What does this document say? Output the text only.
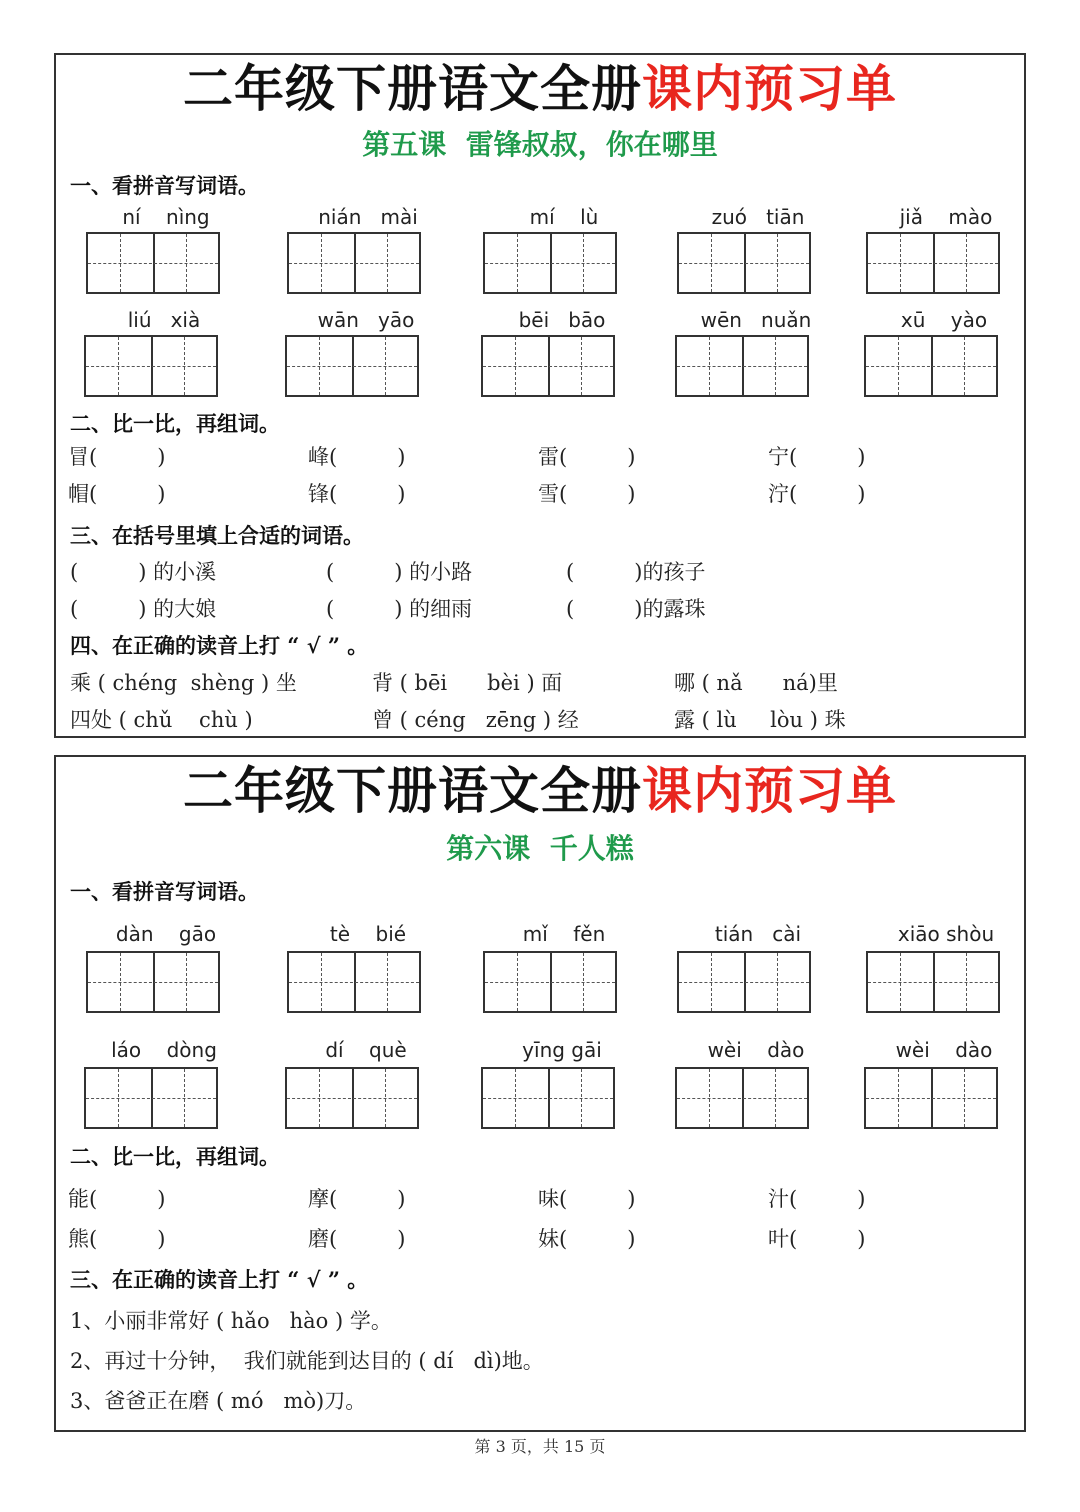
二年级下册语文全册课内预习单
第五课  雷锋叔叔，你在哪里
一、看拼音写词语。
ní    nìng	nián   mài	mí    lù	zuó   tiān	jiǎ    mào
liú   xià	wān   yāo	bēi   bāo	wēn   nuǎn	xū    yào
二、比一比，再组词。
冒(         )	峰(         )	雷(         )	宁(         )
帽(         )	锋(         )	雪(         )	泞(         )
三、在括号里填上合适的词语。
(         ) 的小溪	(         ) 的小路	(         )的孩子
(         ) 的大娘	(         ) 的细雨	(         )的露珠
四、在正确的读音上打 “ √ ” 。
乘 ( chéng  shèng ) 坐	背 ( bēi      bèi ) 面	哪 ( nǎ      ná)里
四处 ( chǔ    chù )	曾 ( céng   zēng ) 经	露 ( lù     lòu ) 珠
二年级下册语文全册课内预习单
第六课  千人糕
一、看拼音写词语。
dàn    gāo	tè    bié	mǐ    fěn	tián   cài	xiāo shòu
láo    dòng	dí    què	yīng gāi	wèi    dào	wèi    dào
二、比一比，再组词。
能(         )	摩(         )	味(         )	汁(         )
熊(         )	磨(         )	妹(         )	叶(         )
三、在正确的读音上打 “ √ ” 。
1、小丽非常好 ( hǎo   hào ) 学。
2、再过十分钟，  我们就能到达目的 ( dí   dì)地。
3、爸爸正在磨 ( mó   mò)刀。
第 3 页，共 15 页
